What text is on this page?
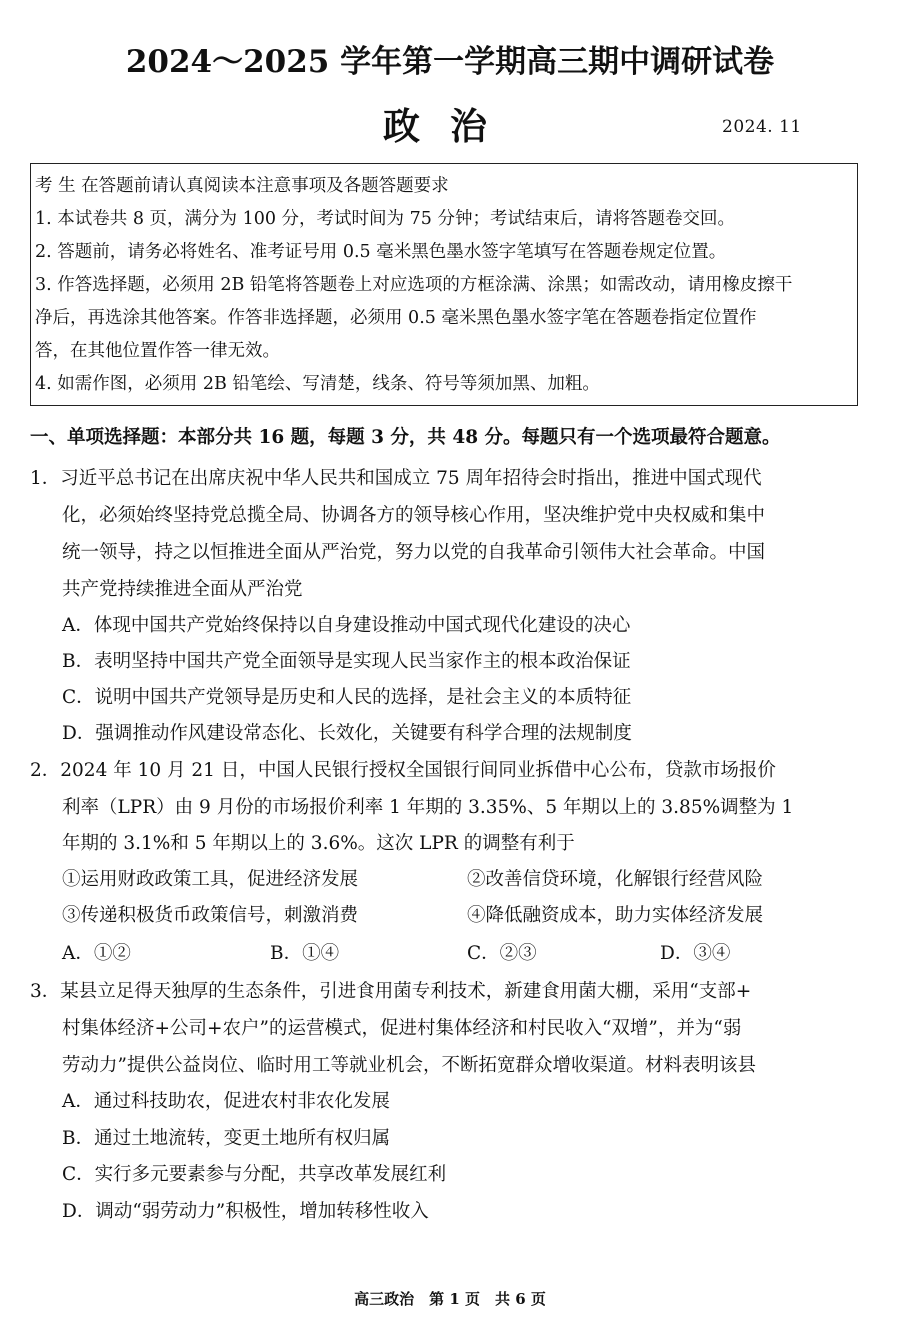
2024～2025 学年第一学期高三期中调研试卷
政治	2024. 11
考 生 在答题前请认真阅读本注意事项及各题答题要求
1. 本试卷共 8 页，满分为 100 分，考试时间为 75 分钟；考试结束后，请将答题卷交回。
2. 答题前，请务必将姓名、准考证号用 0.5 毫米黑色墨水签字笔填写在答题卷规定位置。
3. 作答选择题，必须用 2B 铅笔将答题卷上对应选项的方框涂满、涂黑；如需改动，请用橡皮擦干
净后，再选涂其他答案。作答非选择题，必须用 0.5 毫米黑色墨水签字笔在答题卷指定位置作
答，在其他位置作答一律无效。
4. 如需作图，必须用 2B 铅笔绘、写清楚，线条、符号等须加黑、加粗。
一、单项选择题：本部分共 16 题，每题 3 分，共 48 分。每题只有一个选项最符合题意。
1．习近平总书记在出席庆祝中华人民共和国成立 75 周年招待会时指出，推进中国式现代
化，必须始终坚持党总揽全局、协调各方的领导核心作用，坚决维护党中央权威和集中
统一领导，持之以恒推进全面从严治党，努力以党的自我革命引领伟大社会革命。中国
共产党持续推进全面从严治党
A．体现中国共产党始终保持以自身建设推动中国式现代化建设的决心
B．表明坚持中国共产党全面领导是实现人民当家作主的根本政治保证
C．说明中国共产党领导是历史和人民的选择，是社会主义的本质特征
D．强调推动作风建设常态化、长效化，关键要有科学合理的法规制度
2．2024 年 10 月 21 日，中国人民银行授权全国银行间同业拆借中心公布，贷款市场报价
利率（LPR）由 9 月份的市场报价利率 1 年期的 3.35%、5 年期以上的 3.85%调整为 1
年期的 3.1%和 5 年期以上的 3.6%。这次 LPR 的调整有利于
①运用财政政策工具，促进经济发展	②改善信贷环境，化解银行经营风险
③传递积极货币政策信号，刺激消费	④降低融资成本，助力实体经济发展
A．①②	B．①④	C．②③	D．③④
3．某县立足得天独厚的生态条件，引进食用菌专利技术，新建食用菌大棚，采用“支部+
村集体经济+公司+农户”的运营模式，促进村集体经济和村民收入“双增”，并为“弱
劳动力”提供公益岗位、临时用工等就业机会，不断拓宽群众增收渠道。材料表明该县
A．通过科技助农，促进农村非农化发展
B．通过土地流转，变更土地所有权归属
C．实行多元要素参与分配，共享改革发展红利
D．调动“弱劳动力”积极性，增加转移性收入
高三政治　第 1 页　共 6 页
